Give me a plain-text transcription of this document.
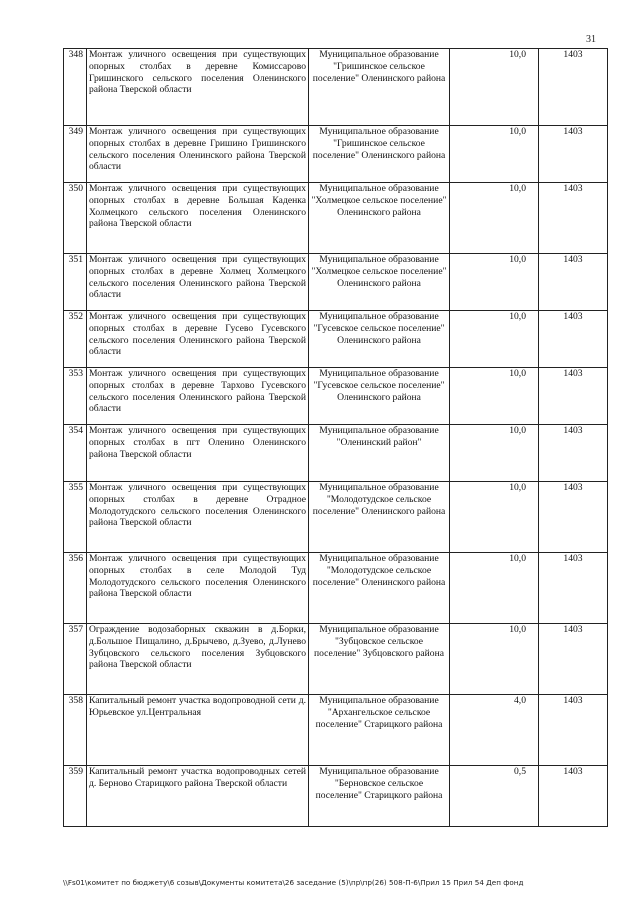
31
348	Монтаж уличного освещения при существующих опорных столбах в деревне Комиссарово Гришинского сельского поселения Оленинского района Тверской области	Муниципальное образование "Гришинское сельское поселение" Оленинского района	10,0	1403
349	Монтаж уличного освещения при существующих опорных столбах в деревне Гришино Гришинского сельского поселения Оленинского района Тверской области	Муниципальное образование "Гришинское сельское поселение" Оленинского района	10,0	1403
350	Монтаж уличного освещения при существующих опорных столбах в деревне Большая Каденка Холмецкого сельского поселения Оленинского района Тверской области	Муниципальное образование "Холмецкое сельское поселение" Оленинского района	10,0	1403
351	Монтаж уличного освещения при существующих опорных столбах в деревне Холмец Холмецкого сельского поселения Оленинского района Тверской области	Муниципальное образование "Холмецкое сельское поселение" Оленинского района	10,0	1403
352	Монтаж уличного освещения при существующих опорных столбах в деревне Гусево Гусевского сельского поселения Оленинского района Тверской области	Муниципальное образование "Гусевское сельское поселение" Оленинского района	10,0	1403
353	Монтаж уличного освещения при существующих опорных столбах в деревне Тархово Гусевского сельского поселения Оленинского района Тверской области	Муниципальное образование "Гусевское сельское поселение" Оленинского района	10,0	1403
354	Монтаж уличного освещения при существующих опорных столбах в пгт Оленино Оленинского района Тверской области	Муниципальное образование "Оленинский район"	10,0	1403
355	Монтаж уличного освещения при существующих опорных столбах в деревне Отрадное Молодотудского сельского поселения Оленинского района Тверской области	Муниципальное образование "Молодотудское сельское поселение" Оленинского района	10,0	1403
356	Монтаж уличного освещения при существующих опорных столбах в селе Молодой Туд Молодотудского сельского поселения Оленинского района Тверской области	Муниципальное образование "Молодотудское сельское поселение" Оленинского района	10,0	1403
357	Ограждение водозаборных скважин в д.Борки, д.Большое Пищалино, д.Брычево, д.Зуево, д.Лунево Зубцовского сельского поселения Зубцовского района Тверской области	Муниципальное образование "Зубцовское сельское поселение" Зубцовского района	10,0	1403
358	Капитальный ремонт участка водопроводной сети д. Юрьевское ул.Центральная	Муниципальное образование "Архангельское сельское поселение" Старицкого района	4,0	1403
359	Капитальный ремонт участка водопроводных сетей д. Берново Старицкого района Тверской области	Муниципальное образование "Берновское сельское поселение" Старицкого района	0,5	1403
\\Fs01\комитет по бюджету\6 созыв\Документы комитета\26 заседание (5)\пр\пр(26) 508-П-6\Прил 15 Прил 54 Деп фонд
